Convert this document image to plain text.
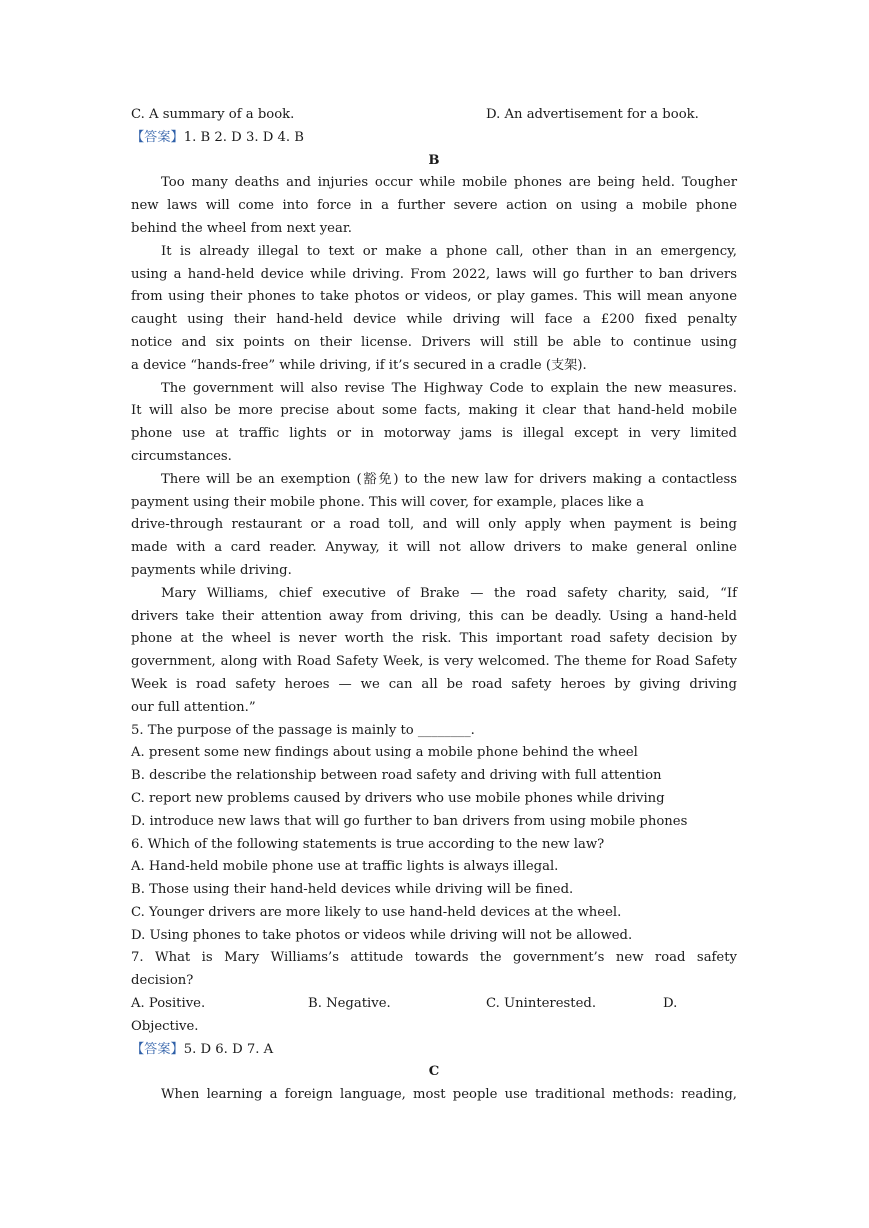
C. A summary of a book.	D. An advertisement for a book.
【答案】1. B 2. D 3. D 4. B
B
Too many deaths and injuries occur while mobile phones are being held. Tougher
new laws will come into force in a further severe action on using a mobile phone
behind the wheel from next year.
It is already illegal to text or make a phone call, other than in an emergency,
using a hand-held device while driving. From 2022, laws will go further to ban drivers
from using their phones to take photos or videos, or play games. This will mean anyone
caught using their hand-held device while driving will face a £200 fixed penalty
notice and six points on their license. Drivers will still be able to continue using
a device “hands-free” while driving, if it’s secured in a cradle (支架).
The government will also revise The Highway Code to explain the new measures.
It will also be more precise about some facts, making it clear that hand-held mobile
phone use at traffic lights or in motorway jams is illegal except in very limited
circumstances.
There will be an exemption (豁免) to the new law for drivers making a contactless
payment using their mobile phone. This will cover, for example, places like a
drive-through restaurant or a road toll, and will only apply when payment is being
made with a card reader. Anyway, it will not allow drivers to make general online
payments while driving.
Mary Williams, chief executive of Brake — the road safety charity, said, “If
drivers take their attention away from driving, this can be deadly. Using a hand-held
phone at the wheel is never worth the risk. This important road safety decision by
government, along with Road Safety Week, is very welcomed. The theme for Road Safety
Week is road safety heroes — we can all be road safety heroes by giving driving
our full attention.”
5. The purpose of the passage is mainly to ________.
A. present some new findings about using a mobile phone behind the wheel
B. describe the relationship between road safety and driving with full attention
C. report new problems caused by drivers who use mobile phones while driving
D. introduce new laws that will go further to ban drivers from using mobile phones
6. Which of the following statements is true according to the new law?
A. Hand-held mobile phone use at traffic lights is always illegal.
B. Those using their hand-held devices while driving will be fined.
C. Younger drivers are more likely to use hand-held devices at the wheel.
D. Using phones to take photos or videos while driving will not be allowed.
7. What is Mary Williams’s attitude towards the government’s new road safety
decision?
A. Positive.	B. Negative.	C. Uninterested.	D.
Objective.
【答案】5. D 6. D 7. A
C
When learning a foreign language, most people use traditional methods: reading,
